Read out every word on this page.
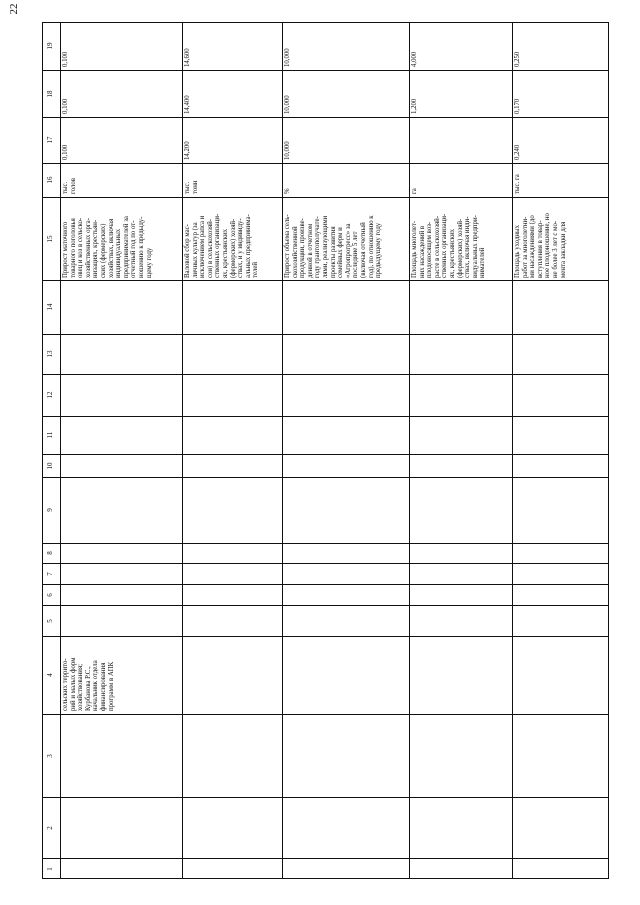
22
1
2
3
4
5
6
7
8
9
10
11
12
13
14
15
16
17
18
19
сельских террито- рий и малых форм хозяйствования; Курбанова Р.С., начальник отдела финансирования программ в АПК
Прирост маточного товарного поголовья овец и коз в сельско- хозяйственных орга- низациях, крестьян- ских (фермерских) хозяйствах, включая индивидуальных предпринимателей за отчетный год по от- ношению к предыду- щему году
тыс. голов
0,100
0,100
0,100
Валовой сбор мас- личных культур (за исключением рапса и сои) в сельскохозяй- ственных организаци- ях, крестьянских (фермерских) хозяй- ствах, и у индивиду- альных предпринима- телей
тыс. тонн
14,200
14,400
14,600
Прирост объема сель- скохозяйственной продукции, произве- денной в отчетном году грантополучате- лями, реализующими проекты развития семейных ферм и «Агропрогресс» за последние 5 лет (включая отчетный год), по отношению к предыдущему году
%
10,000
10,000
10,000
Площадь многолет- них насаждений в плодоносящем воз- расте в сельскохозяй- ственных организаци- ях, крестьянских (фермерских) хозяй- ствах, включая инди- видуальных предпри- нимателей
га
1,200
4,000
Площадь уходных работ за многолетни- ми насаждениями (до вступления в товар- ное плодоношение, но не более 3 лет с мо- мента закладки для
тыс. га
0,240
0,170
0,250
